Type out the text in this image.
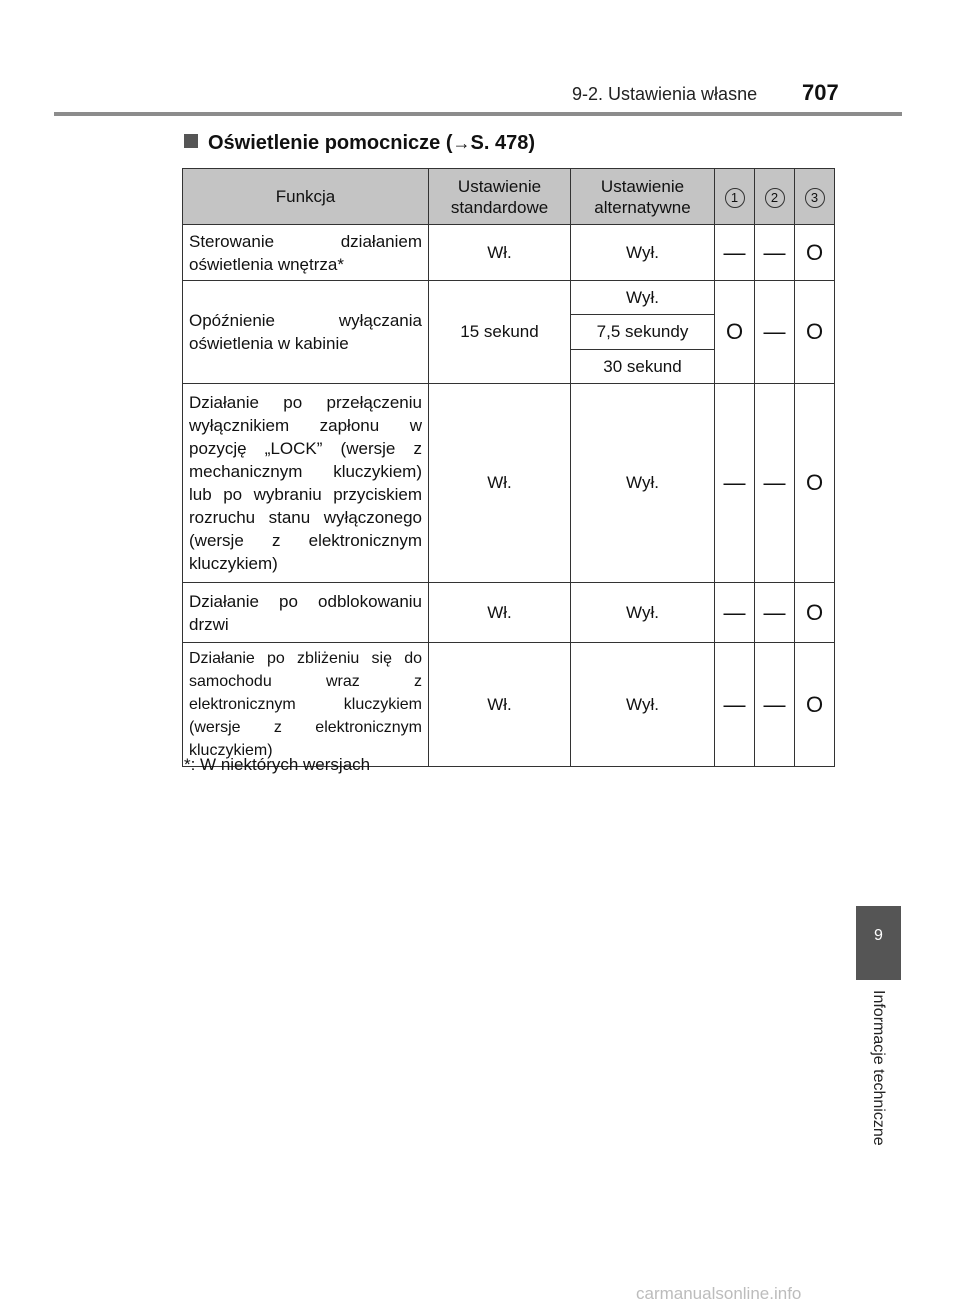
9-2. Ustawienia własne 707
Oświetlenie pomocnicze (→S. 478)
Funkcja	Ustawienie standardowe	Ustawienie alternatywne	1	2	3
Sterowanie działaniem oświetlenia wnętrza*	Wł.	Wył.	—	—	O
Opóźnienie wyłączania oświetlenia w kabinie	15 sekund	Wył.	O	—	O
		7,5 sekundy			
		30 sekund			
Działanie po przełączeniu wyłącznikiem zapłonu w pozycję „LOCK” (wersje z mechanicznym kluczykiem) lub po wybraniu przyciskiem rozruchu stanu wyłączonego (wersje z elektronicznym kluczykiem)	Wł.	Wył.	—	—	O
Działanie po odblokowaniu drzwi	Wł.	Wył.	—	—	O
Działanie po zbliżeniu się do samochodu wraz z elektronicznym kluczykiem (wersje z elektronicznym kluczykiem)	Wł.	Wył.	—	—	O
*: W niektórych wersjach
9
Informacje techniczne
carmanualsonline.info
